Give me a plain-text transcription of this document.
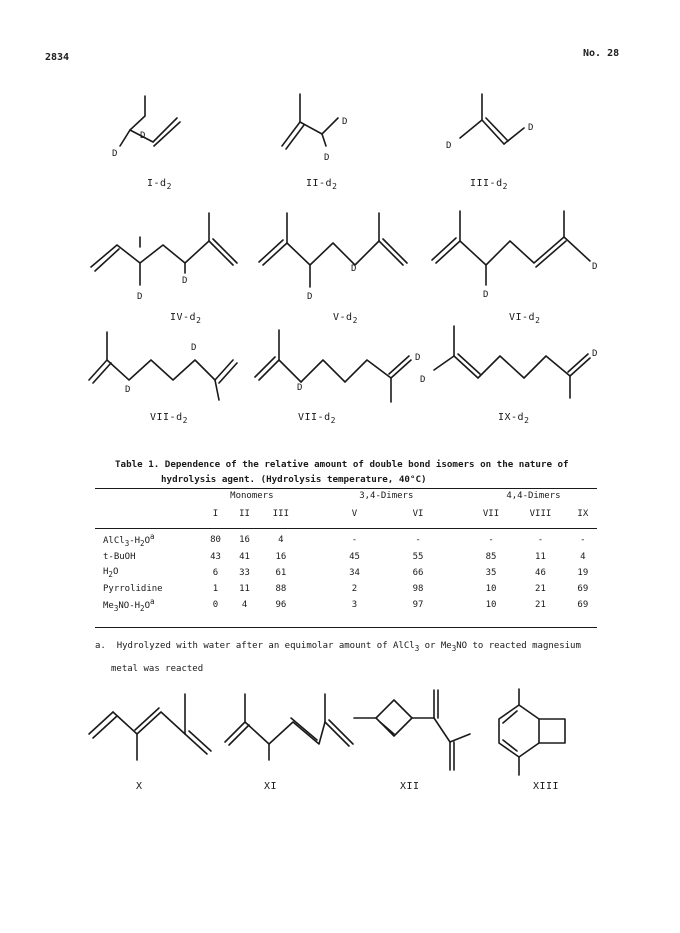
2834	No. 28
D
D
$I-d_2$
D
D
$II-d_2$
D
D
III-$d_2$
D
D
$IV-d_2$
D
D
$V-d_2$
D
D
$VI-d_2$
D
D
VII-$d_2$
D
D
VII-$d_2$
D
D
$IX-d_2$
Table 1. Dependence of the relative amount of double bond isomers on the nature of
hydrolysis agent. (Hydrolysis temperature, 40°C)
	Monomers				3,4-Dimers			4,4-Dimers		
	I	II	III		V	VI		VII	VIII	IX
$AlCl_3-H_2O^a$	80	16	4		-	-		-	-	-
t-BuOH	43	41	16		45	55		85	11	4
$H_2O$	6	33	61		34	66		35	46	19
Pyrrolidine	1	11	88		2	98		10	21	69
$Me_3NO-H_2O^a$	0	4	96		3	97		10	21	69
a. Hydrolyzed with water after an equimolar amount of AlCl$_3$ or $Me_3NO$ to reacted magnesium
metal was reacted
X	XI	XII	XIII
